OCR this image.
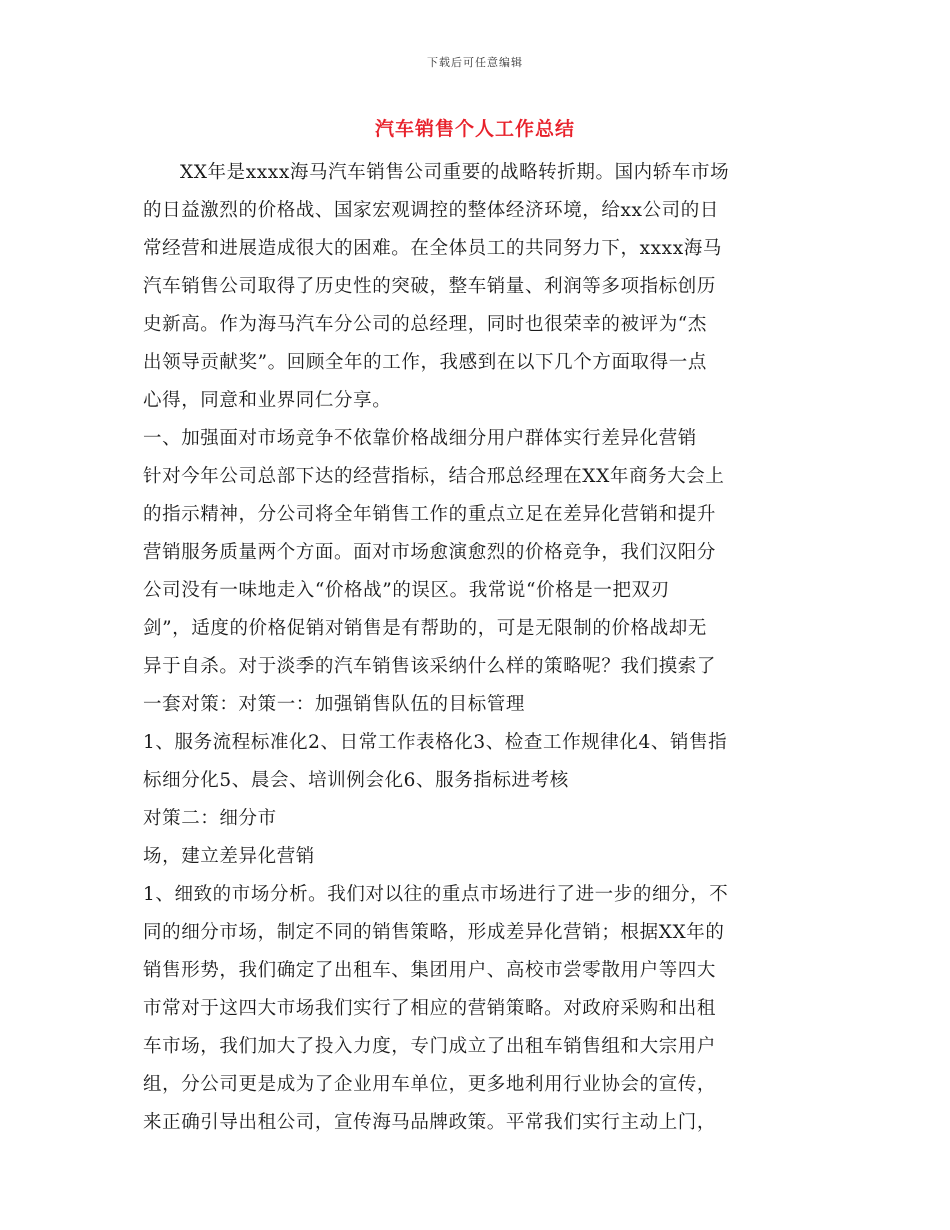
下载后可任意编辑
汽车销售个人工作总结
XX年是xxxx海马汽车销售公司重要的战略转折期。国内轿车市场
的日益激烈的价格战、国家宏观调控的整体经济环境，给xx公司的日
常经营和进展造成很大的困难。在全体员工的共同努力下，xxxx海马
汽车销售公司取得了历史性的突破，整车销量、利润等多项指标创历
史新高。作为海马汽车分公司的总经理，同时也很荣幸的被评为“杰
出领导贡献奖”。回顾全年的工作，我感到在以下几个方面取得一点
心得，同意和业界同仁分享。
一、加强面对市场竞争不依靠价格战细分用户群体实行差异化营销
针对今年公司总部下达的经营指标，结合邢总经理在XX年商务大会上
的指示精神，分公司将全年销售工作的重点立足在差异化营销和提升
营销服务质量两个方面。面对市场愈演愈烈的价格竞争，我们汉阳分
公司没有一味地走入“价格战”的误区。我常说“价格是一把双刃
剑”，适度的价格促销对销售是有帮助的，可是无限制的价格战却无
异于自杀。对于淡季的汽车销售该采纳什么样的策略呢？我们摸索了
一套对策：对策一：加强销售队伍的目标管理
1、服务流程标准化2、日常工作表格化3、检查工作规律化4、销售指
标细分化5、晨会、培训例会化6、服务指标进考核
对策二：细分市
场，建立差异化营销
1、细致的市场分析。我们对以往的重点市场进行了进一步的细分，不
同的细分市场，制定不同的销售策略，形成差异化营销；根据XX年的
销售形势，我们确定了出租车、集团用户、高校市尝零散用户等四大
市常对于这四大市场我们实行了相应的营销策略。对政府采购和出租
车市场，我们加大了投入力度，专门成立了出租车销售组和大宗用户
组，分公司更是成为了企业用车单位，更多地利用行业协会的宣传，
来正确引导出租公司，宣传海马品牌政策。平常我们实行主动上门，
